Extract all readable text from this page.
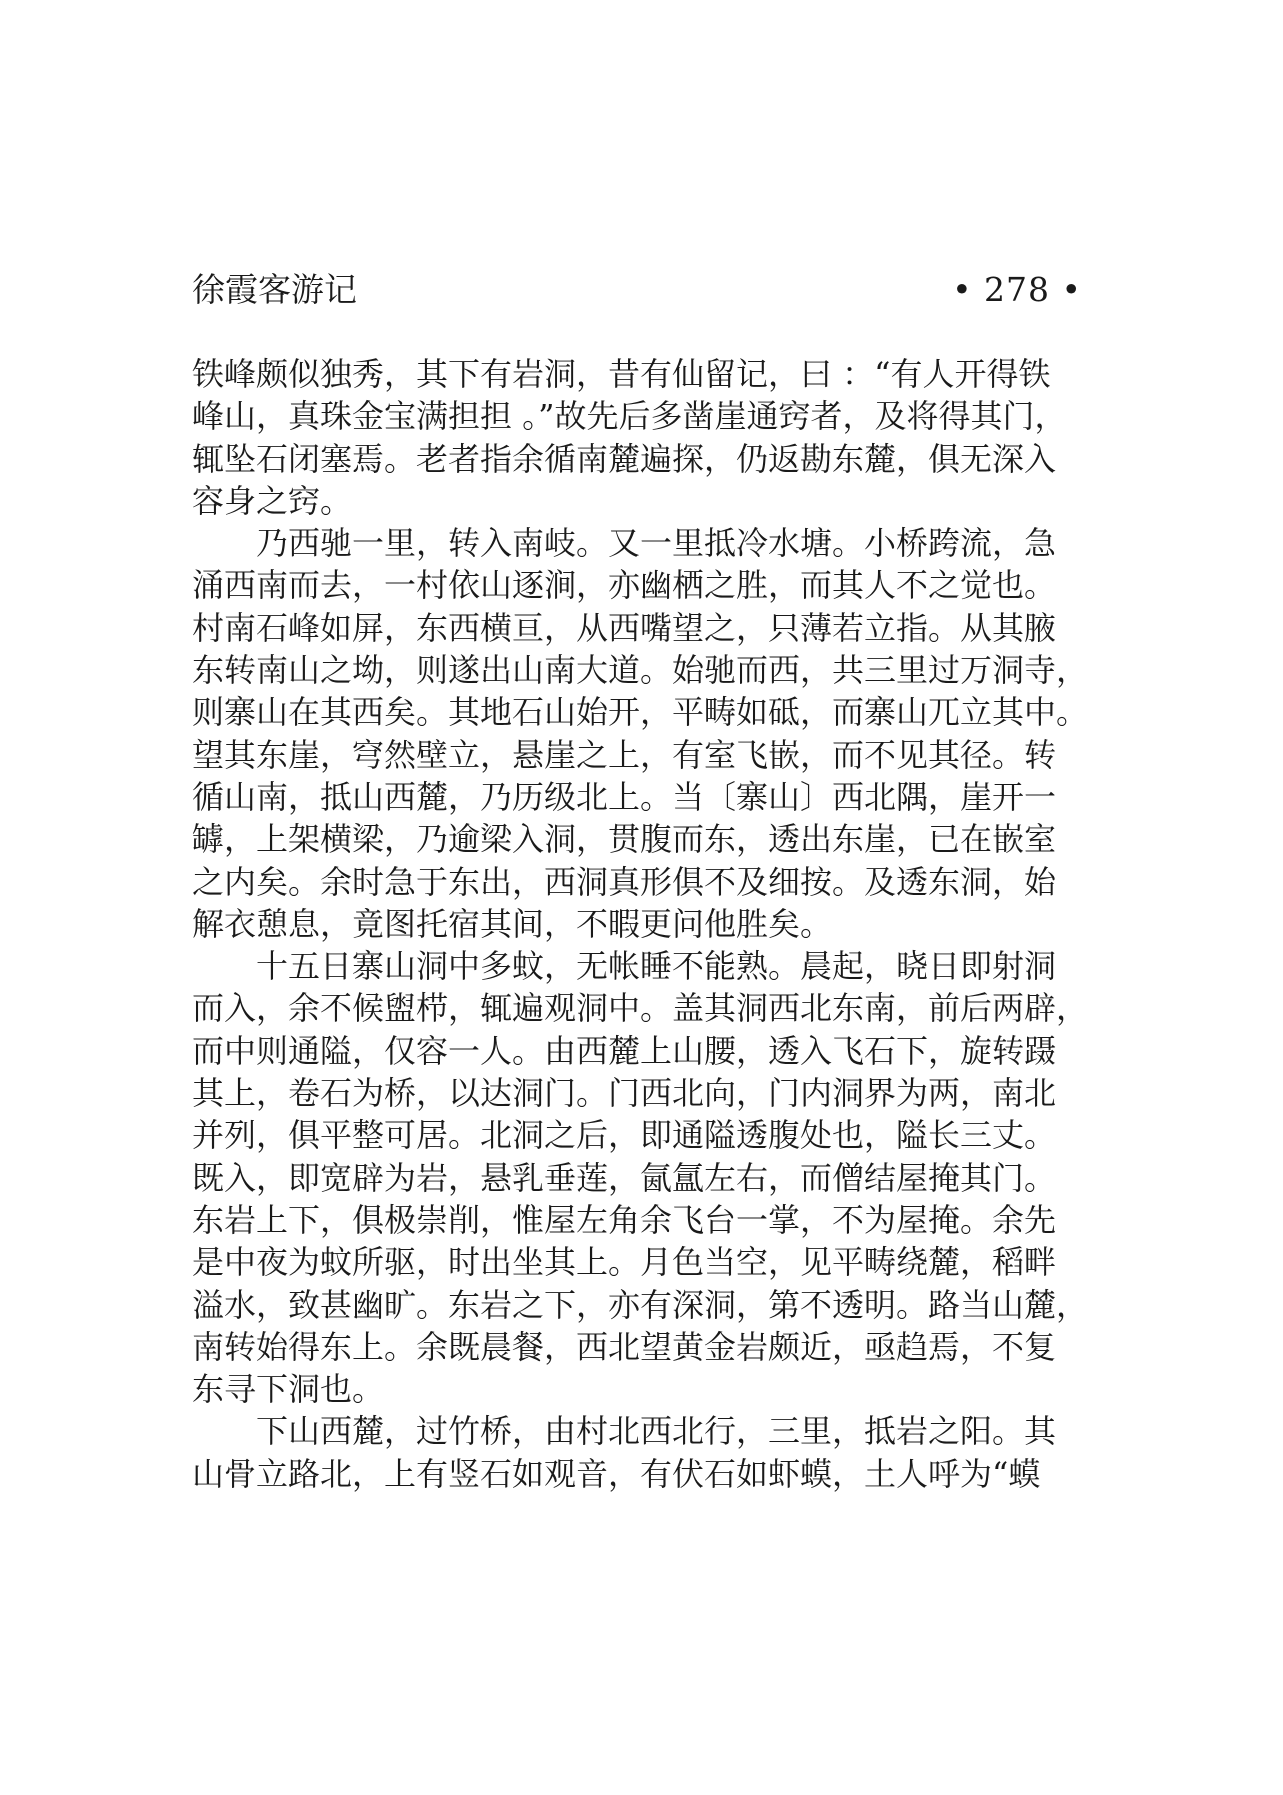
徐霞客游记	• 278 •
铁峰颇似独秀，其下有岩洞，昔有仙留记，曰 ：“有人开得铁
峰山，真珠金宝满担担 。”故先后多凿崖通窍者，及将得其门，
辄坠石闭塞焉。老者指余循南麓遍探，仍返勘东麓，俱无深入
容身之窍。
乃西驰一里，转入南岐。又一里抵冷水塘。小桥跨流，急
涌西南而去，一村依山逐涧，亦幽栖之胜，而其人不之觉也。
村南石峰如屏，东西横亘，从西嘴望之，只薄若立指。从其腋
东转南山之坳，则遂出山南大道。始驰而西，共三里过万洞寺，
则寨山在其西矣。其地石山始开，平畴如砥，而寨山兀立其中。
望其东崖，穹然壁立，悬崖之上，有室飞嵌，而不见其径。转
循山南，抵山西麓，乃历级北上。当〔寨山〕西北隅，崖开一
罅，上架横梁，乃逾梁入洞，贯腹而东，透出东崖，已在嵌室
之内矣。余时急于东出，西洞真形俱不及细按。及透东洞，始
解衣憩息，竟图托宿其间，不暇更问他胜矣。
十五日寨山洞中多蚊，无帐睡不能熟。晨起，晓日即射洞
而入，余不候盥栉，辄遍观洞中。盖其洞西北东南，前后两辟，
而中则通隘，仅容一人。由西麓上山腰，透入飞石下，旋转蹑
其上，卷石为桥，以达洞门。门西北向，门内洞界为两，南北
并列，俱平整可居。北洞之后，即通隘透腹处也，隘长三丈。
既入，即宽辟为岩，悬乳垂莲，氤氲左右，而僧结屋掩其门。
东岩上下，俱极崇削，惟屋左角余飞台一掌，不为屋掩。余先
是中夜为蚊所驱，时出坐其上。月色当空，见平畴绕麓，稻畔
溢水，致甚幽旷。东岩之下，亦有深洞，第不透明。路当山麓，
南转始得东上。余既晨餐，西北望黄金岩颇近，亟趋焉，不复
东寻下洞也。
下山西麓，过竹桥，由村北西北行，三里，抵岩之阳。其
山骨立路北，上有竖石如观音，有伏石如虾蟆，土人呼为“蟆
